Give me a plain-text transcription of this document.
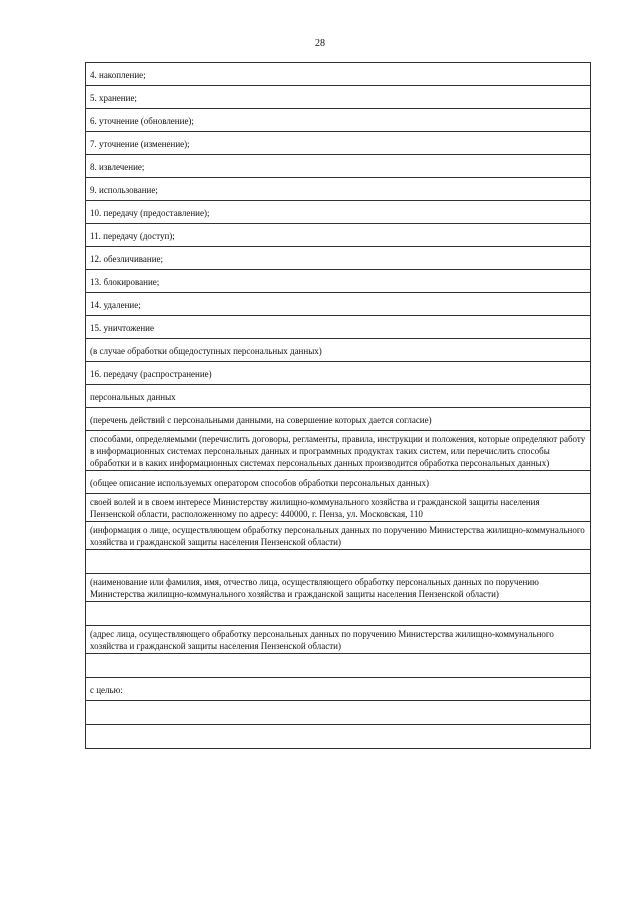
28
4. накопление;
5. хранение;
6. уточнение (обновление);
7. уточнение (изменение);
8. извлечение;
9. использование;
10. передачу (предоставление);
11. передачу (доступ);
12. обезличивание;
13. блокирование;
14. удаление;
15. уничтожение
(в случае обработки общедоступных персональных данных)
16. передачу (распространение)
персональных данных
(перечень действий с персональными данными, на совершение которых дается согласие)
способами, определяемыми (перечислить договоры, регламенты, правила, инструкции и положения, которые определяют работу в информационных системах персональных данных и программных продуктах таких систем, или перечислить способы обработки и в каких информационных системах персональных данных производится обработка персональных данных)
(общее описание используемых оператором способов обработки персональных данных)
своей волей и в своем интересе Министерству жилищно-коммунального хозяйства и гражданской защиты населения Пензенской области, расположенному по адресу: 440000, г. Пенза, ул. Московская, 110
(информация о лице, осуществляющем обработку персональных данных по поручению Министерства жилищно-коммунального хозяйства и гражданской защиты населения Пензенской области)

(наименование или фамилия, имя, отчество лица, осуществляющего обработку персональных данных по поручению Министерства жилищно-коммунального хозяйства и гражданской защиты населения Пензенской области)

(адрес лица, осуществляющего обработку персональных данных по поручению Министерства жилищно-коммунального хозяйства и гражданской защиты населения Пензенской области)

с целью:
